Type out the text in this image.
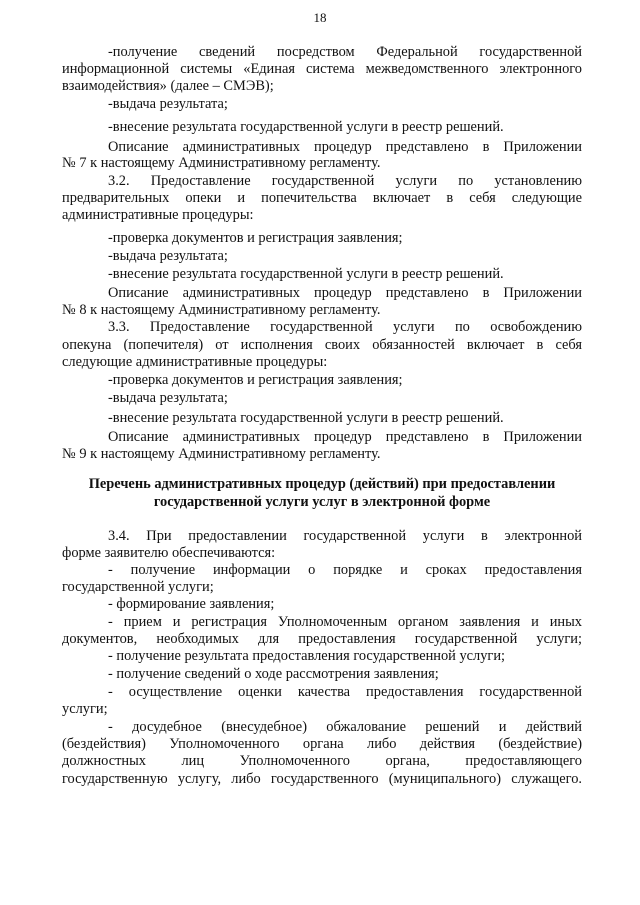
18
-получение сведений посредством Федеральной государственной
информационной системы «Единая система межведомственного электронного
взаимодействия» (далее – СМЭВ);
-выдача результата;
-внесение результата государственной услуги в реестр решений.
Описание административных процедур представлено в Приложении
№ 7 к настоящему Административному регламенту.
3.2. Предоставление государственной услуги по установлению
предварительных опеки и попечительства включает в себя следующие
административные процедуры:
-проверка документов и регистрация заявления;
-выдача результата;
-внесение результата государственной услуги в реестр решений.
Описание административных процедур представлено в Приложении
№ 8 к настоящему Административному регламенту.
3.3. Предоставление государственной услуги по освобождению
опекуна (попечителя) от исполнения своих обязанностей включает в себя
следующие административные процедуры:
-проверка документов и регистрация заявления;
-выдача результата;
-внесение результата государственной услуги в реестр решений.
Описание административных процедур представлено в Приложении
№ 9 к настоящему Административному регламенту.
Перечень административных процедур (действий) при предоставлении
государственной услуги услуг в электронной форме
3.4. При предоставлении государственной услуги в электронной
форме заявителю обеспечиваются:
- получение информации о порядке и сроках предоставления
государственной услуги;
- формирование заявления;
- прием и регистрация Уполномоченным органом заявления и иных
документов, необходимых для предоставления государственной услуги;
- получение результата предоставления государственной услуги;
- получение сведений о ходе рассмотрения заявления;
- осуществление оценки качества предоставления государственной
услуги;
- досудебное (внесудебное) обжалование решений и действий
(бездействия) Уполномоченного органа либо действия (бездействие)
должностных лиц Уполномоченного органа, предоставляющего
государственную услугу, либо государственного (муниципального) служащего.
